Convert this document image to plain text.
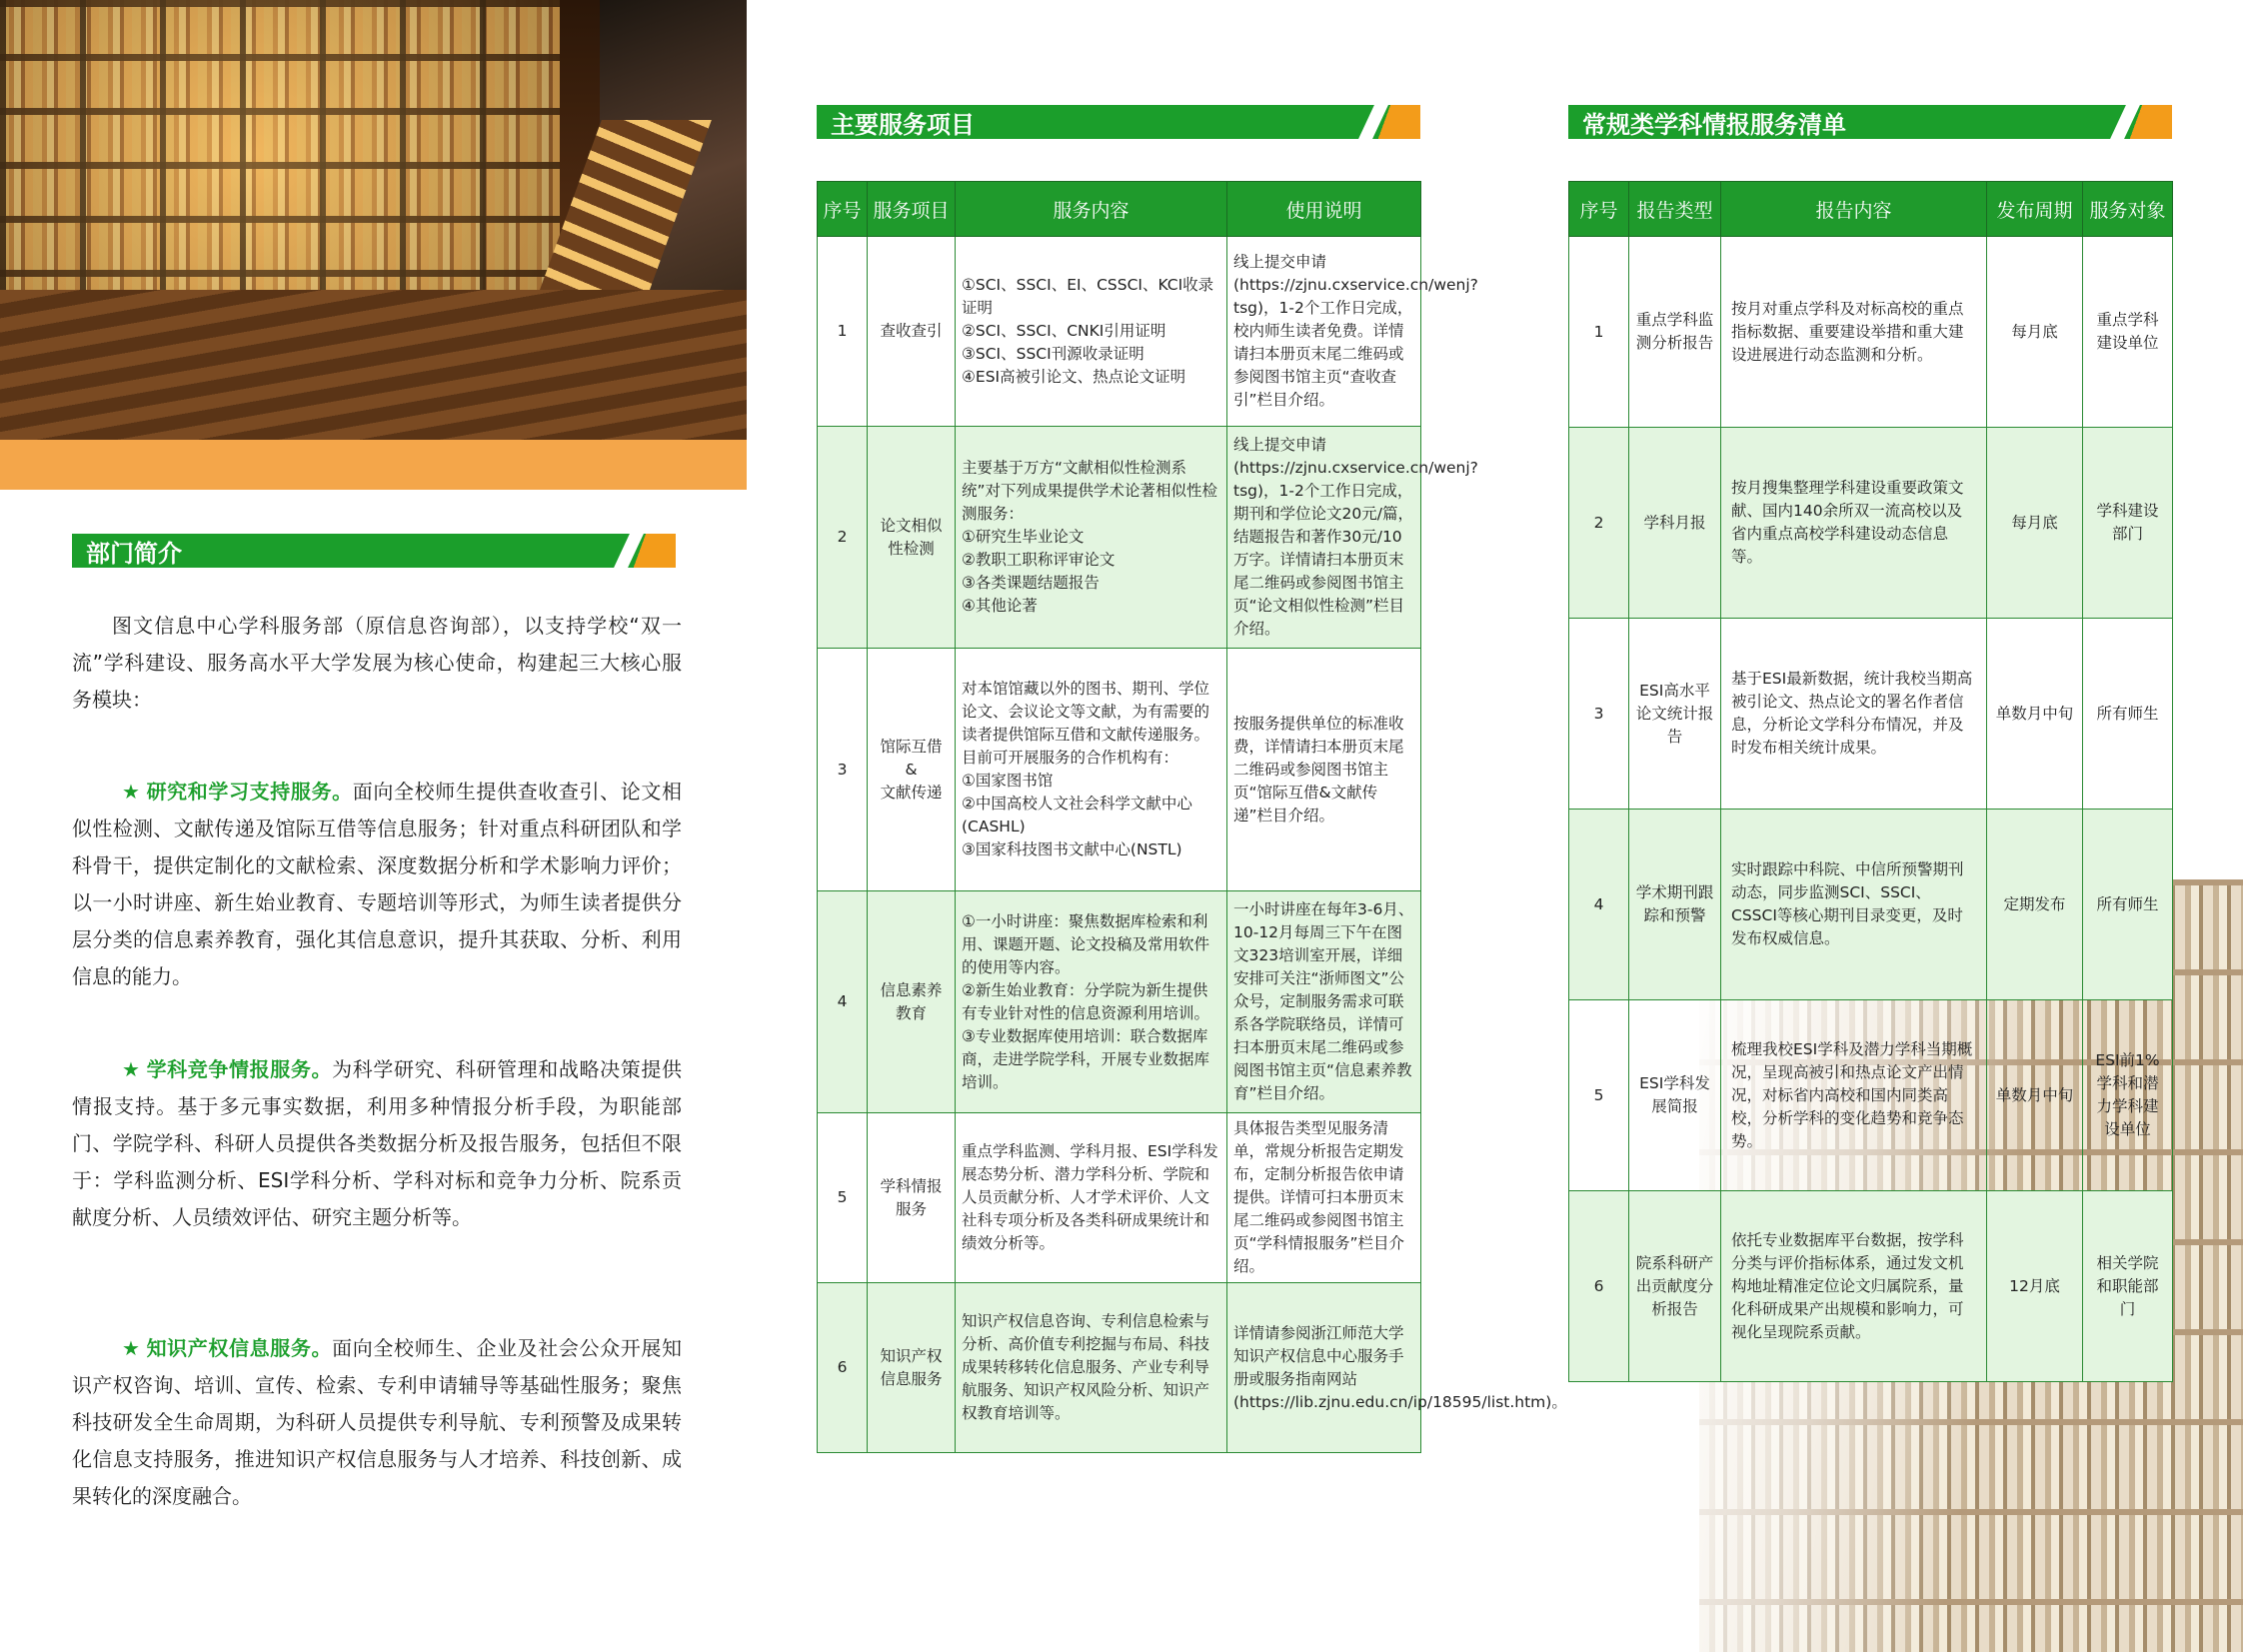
部门简介

图文信息中心学科服务部（原信息咨询部），以支持学校“双一流”学科建设、服务高水平大学发展为核心使命，构建起三大核心服务模块：

★ 研究和学习支持服务。面向全校师生提供查收查引、论文相似性检测、文献传递及馆际互借等信息服务；针对重点科研团队和学科骨干，提供定制化的文献检索、深度数据分析和学术影响力评价；以一小时讲座、新生始业教育、专题培训等形式，为师生读者提供分层分类的信息素养教育，强化其信息意识，提升其获取、分析、利用信息的能力。
★ 学科竞争情报服务。为科学研究、科研管理和战略决策提供情报支持。基于多元事实数据，利用多种情报分析手段，为职能部门、学院学科、科研人员提供各类数据分析及报告服务，包括但不限于：学科监测分析、ESI学科分析、学科对标和竞争力分析、院系贡献度分析、人员绩效评估、研究主题分析等。
★ 知识产权信息服务。面向全校师生、企业及社会公众开展知识产权咨询、培训、宣传、检索、专利申请辅导等基础性服务；聚焦科技研发全生命周期，为科研人员提供专利导航、专利预警及成果转化信息支持服务，推进知识产权信息服务与人才培养、科技创新、成果转化的深度融合。
主要服务项目
序号	服务项目	服务内容	使用说明
1	查收查引	①SCI、SSCI、EI、CSSCI、KCI收录证明
②SCI、SSCI、CNKI引用证明
③SCI、SSCI刊源收录证明
④ESI高被引论文、热点论文证明	线上提交申请(https://zjnu.cxservice.cn/wenj?tsg)，1-2个工作日完成，校内师生读者免费。详情请扫本册页末尾二维码或参阅图书馆主页“查收查引”栏目介绍。
2	论文相似性检测	主要基于万方“文献相似性检测系统”对下列成果提供学术论著相似性检测服务：
①研究生毕业论文
②教职工职称评审论文
③各类课题结题报告
④其他论著	线上提交申请(https://zjnu.cxservice.cn/wenj?tsg)，1-2个工作日完成，期刊和学位论文20元/篇，结题报告和著作30元/10万字。详情请扫本册页末尾二维码或参阅图书馆主页“论文相似性检测”栏目介绍。
3	馆际互借
&
文献传递	对本馆馆藏以外的图书、期刊、学位论文、会议论文等文献，为有需要的读者提供馆际互借和文献传递服务。目前可开展服务的合作机构有：
①国家图书馆
②中国高校人文社会科学文献中心(CASHL)
③国家科技图书文献中心(NSTL)	按服务提供单位的标准收费，详情请扫本册页末尾二维码或参阅图书馆主页“馆际互借&文献传递”栏目介绍。
4	信息素养教育	①一小时讲座：聚焦数据库检索和利用、课题开题、论文投稿及常用软件的使用等内容。
②新生始业教育：分学院为新生提供有专业针对性的信息资源利用培训。
③专业数据库使用培训：联合数据库商，走进学院学科，开展专业数据库培训。	一小时讲座在每年3-6月、10-12月每周三下午在图文323培训室开展，详细安排可关注“浙师图文”公众号，定制服务需求可联系各学院联络员，详情可扫本册页末尾二维码或参阅图书馆主页“信息素养教育”栏目介绍。
5	学科情报服务	重点学科监测、学科月报、ESI学科发展态势分析、潜力学科分析、学院和人员贡献分析、人才学术评价、人文社科专项分析及各类科研成果统计和绩效分析等。	具体报告类型见服务清单，常规分析报告定期发布，定制分析报告依申请提供。详情可扫本册页末尾二维码或参阅图书馆主页“学科情报服务”栏目介绍。
6	知识产权信息服务	知识产权信息咨询、专利信息检索与分析、高价值专利挖掘与布局、科技成果转移转化信息服务、产业专利导航服务、知识产权风险分析、知识产权教育培训等。	详情请参阅浙江师范大学知识产权信息中心服务手册或服务指南网站(https://lib.zjnu.edu.cn/ip/18595/list.htm)。
常规类学科情报服务清单
序号	报告类型	报告内容	发布周期	服务对象
1	重点学科监测分析报告	按月对重点学科及对标高校的重点指标数据、重要建设举措和重大建设进展进行动态监测和分析。	每月底	重点学科建设单位
2	学科月报	按月搜集整理学科建设重要政策文献、国内140余所双一流高校以及省内重点高校学科建设动态信息等。	每月底	学科建设部门
3	ESI高水平论文统计报告	基于ESI最新数据，统计我校当期高被引论文、热点论文的署名作者信息，分析论文学科分布情况，并及时发布相关统计成果。	单数月中旬	所有师生
4	学术期刊跟踪和预警	实时跟踪中科院、中信所预警期刊动态，同步监测SCI、SSCI、CSSCI等核心期刊目录变更，及时发布权威信息。	定期发布	所有师生
5	ESI学科发展简报	梳理我校ESI学科及潜力学科当期概况，呈现高被引和热点论文产出情况，对标省内高校和国内同类高校，分析学科的变化趋势和竞争态势。	单数月中旬	ESI前1%学科和潜力学科建设单位
6	院系科研产出贡献度分析报告	依托专业数据库平台数据，按学科分类与评价指标体系，通过发文机构地址精准定位论文归属院系，量化科研成果产出规模和影响力，可视化呈现院系贡献。	12月底	相关学院和职能部门
